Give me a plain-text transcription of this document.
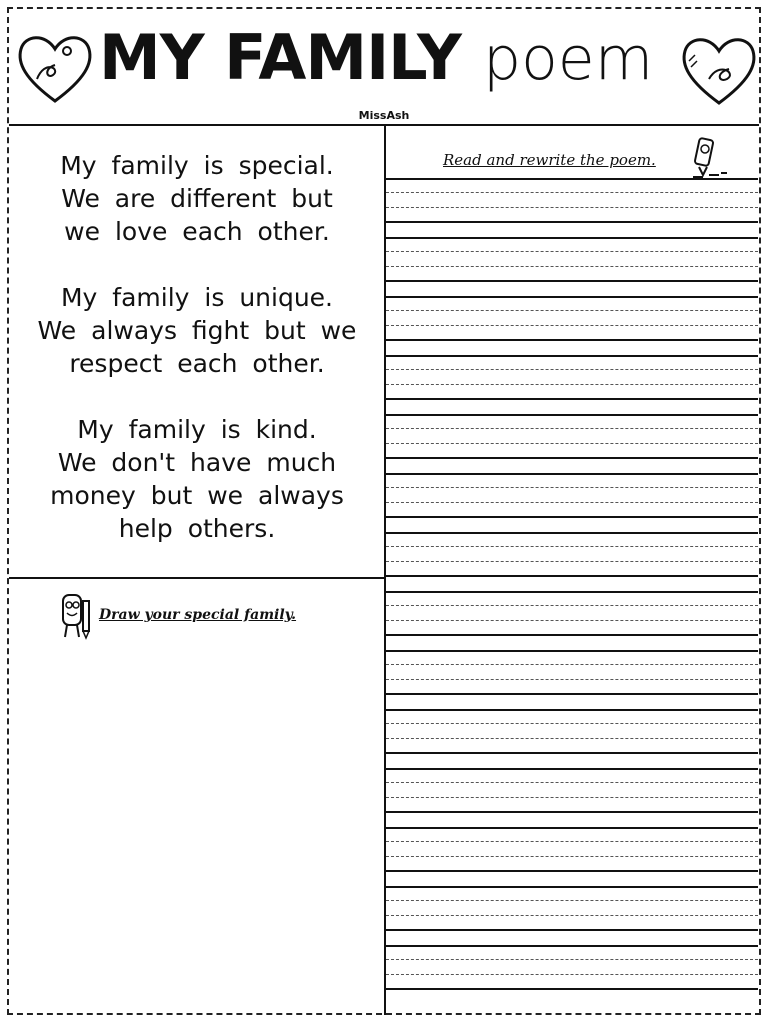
MY FAMILY poem
MissAsh
My family is special.
We are different but
we love each other.
My family is unique.
We always fight but we
respect each other.
My family is kind.
We don't have much
money but we always
help others.
Read and rewrite the poem.
Draw your special family.
